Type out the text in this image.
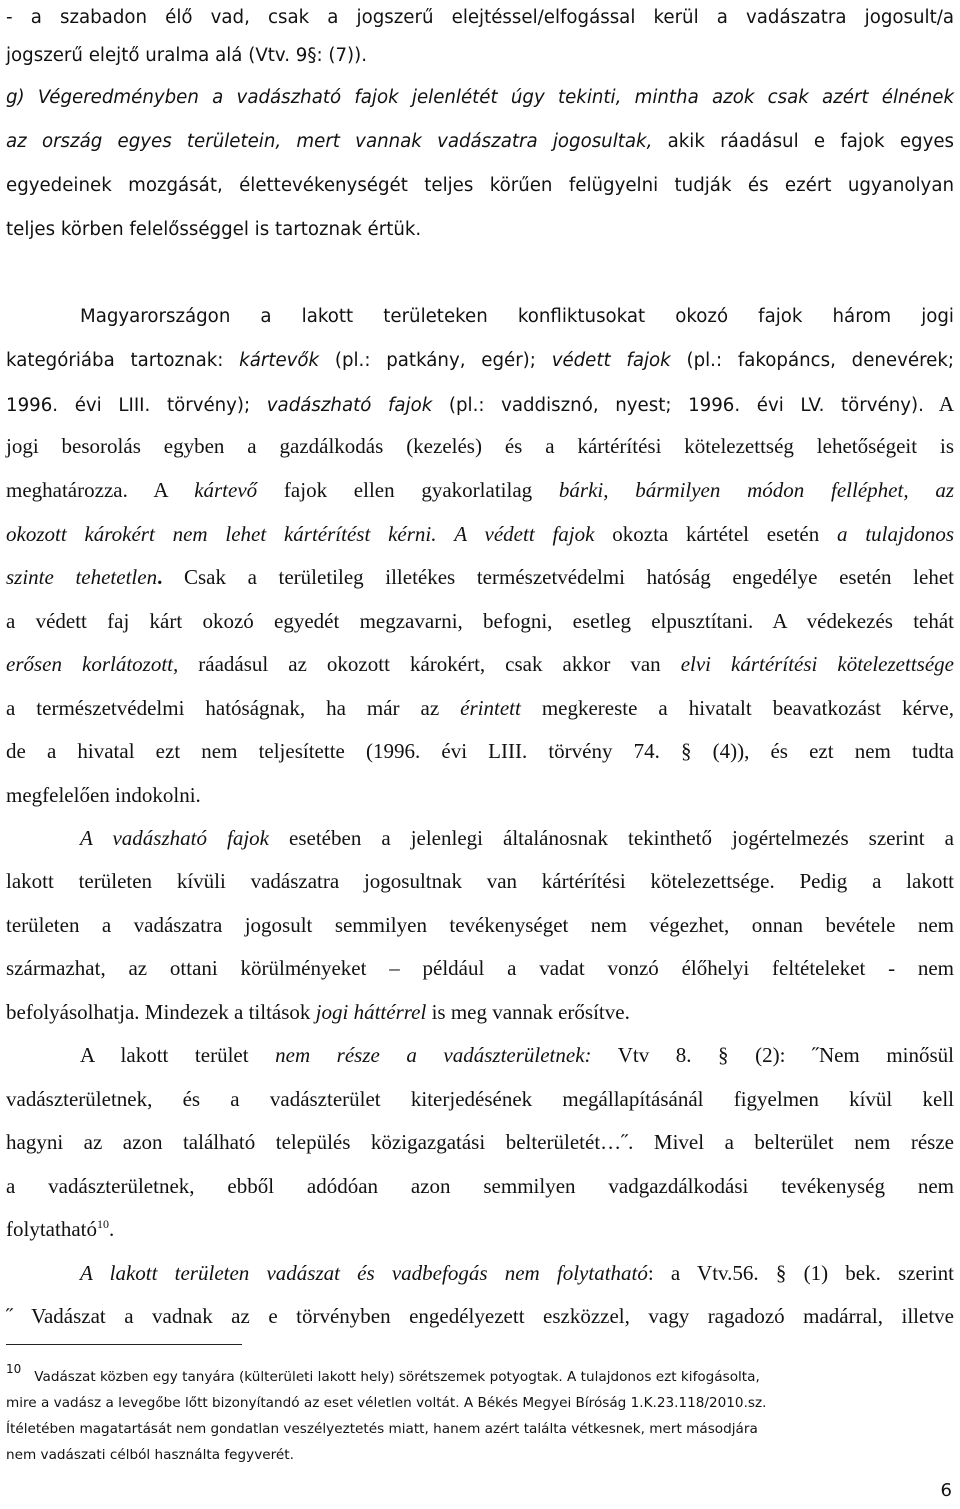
- a szabadon élő vad, csak a jogszerű elejtéssel/elfogással kerül a vadászatra jogosult/a

jogszerű elejtő uralma alá (Vtv. 9§: (7)).

g) Végeredményben a vadászható fajok jelenlétét úgy tekinti, mintha azok csak azért élnének

az ország egyes területein, mert vannak vadászatra jogosultak, akik ráadásul e fajok egyes

egyedeinek mozgását, élettevékenységét teljes körűen felügyelni tudják és ezért ugyanolyan

teljes körben felelősséggel is tartoznak értük.

Magyarországon a lakott területeken konfliktusokat okozó fajok három jogi

kategóriába tartoznak: kártevők (pl.: patkány, egér); védett fajok (pl.: fakopáncs, denevérek;

1996. évi LIII. törvény); vadászható fajok (pl.: vaddisznó, nyest; 1996. évi LV. törvény). A

jogi besorolás egyben a gazdálkodás (kezelés) és a kártérítési kötelezettség lehetőségeit is

meghatározza. A kártevő fajok ellen gyakorlatilag bárki, bármilyen módon felléphet, az

okozott károkért nem lehet kártérítést kérni. A védett fajok okozta kártétel esetén a tulajdonos

szinte tehetetlen. Csak a területileg illetékes természetvédelmi hatóság engedélye esetén lehet

a védett faj kárt okozó egyedét megzavarni, befogni, esetleg elpusztítani. A védekezés tehát

erősen korlátozott, ráadásul az okozott károkért, csak akkor van elvi kártérítési kötelezettsége

a természetvédelmi hatóságnak, ha már az érintett megkereste a hivatalt beavatkozást kérve,

de a hivatal ezt nem teljesítette (1996. évi LIII. törvény 74. § (4)), és ezt nem tudta

megfelelően indokolni.

A vadászható fajok esetében a jelenlegi általánosnak tekinthető jogértelmezés szerint a

lakott területen kívüli vadászatra jogosultnak van kártérítési kötelezettsége. Pedig a lakott

területen a vadászatra jogosult semmilyen tevékenységet nem végezhet, onnan bevétele nem

származhat, az ottani körülményeket – például a vadat vonzó élőhelyi feltételeket - nem

befolyásolhatja. Mindezek a tiltások jogi háttérrel is meg vannak erősítve.

A lakott terület nem része a vadászterületnek: Vtv 8. § (2): ˝Nem minősül

vadászterületnek, és a vadászterület kiterjedésének megállapításánál figyelmen kívül kell

hagyni az azon található település közigazgatási belterületét…˝. Mivel a belterület nem része

a vadászterületnek, ebből adódóan azon semmilyen vadgazdálkodási tevékenység nem

folytatható$^{10}$.

A lakott területen vadászat és vadbefogás nem folytatható: a Vtv.56. § (1) bek. szerint

˝ Vadászat a vadnak az e törvényben engedélyezett eszközzel, vagy ragadozó madárral, illetve

$^{10}$ Vadászat közben egy tanyára (külterületi lakott hely) sörétszemek potyogtak. A tulajdonos ezt kifogásolta,

mire a vadász a levegőbe lőtt bizonyítandó az eset véletlen voltát. A Békés Megyei Bíróság 1.K.23.118/2010.sz.

Ítéletében magatartását nem gondatlan veszélyeztetés miatt, hanem azért találta vétkesnek, mert másodjára

nem vadászati célból használta fegyverét.

6
